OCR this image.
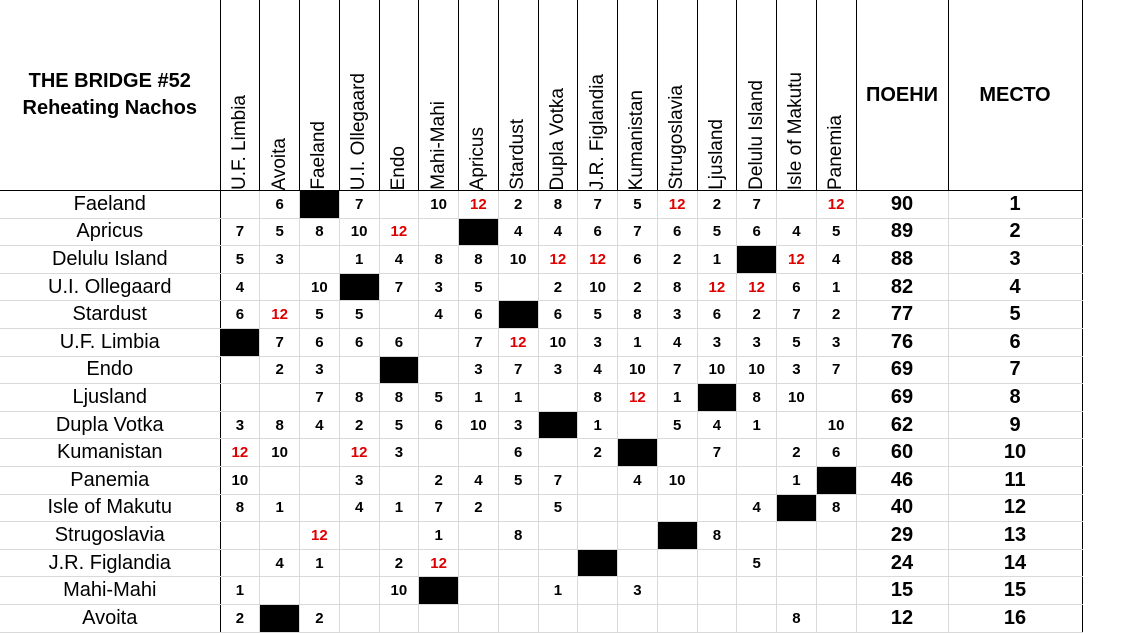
THE BRIDGE #52
Reheating Nachos	U.F. Limbia	Avoita	Faeland	U.I. Ollegaard	Endo	Mahi-Mahi	Apricus	Stardust	Dupla Votka	J.R. Figlandia	Kumanistan	Strugoslavia	Ljusland	Delulu Island	Isle of Makutu	Panemia	ПОЕНИ	МЕСТО
Faeland		6		7		10	12	2	8	7	5	12	2	7		12	90	1
Apricus	7	5	8	10	12			4	4	6	7	6	5	6	4	5	89	2
Delulu Island	5	3		1	4	8	8	10	12	12	6	2	1		12	4	88	3
U.I. Ollegaard	4		10		7	3	5		2	10	2	8	12	12	6	1	82	4
Stardust	6	12	5	5		4	6		6	5	8	3	6	2	7	2	77	5
U.F. Limbia		7	6	6	6		7	12	10	3	1	4	3	3	5	3	76	6
Endo		2	3				3	7	3	4	10	7	10	10	3	7	69	7
Ljusland			7	8	8	5	1	1		8	12	1		8	10		69	8
Dupla Votka	3	8	4	2	5	6	10	3		1		5	4	1		10	62	9
Kumanistan	12	10		12	3			6		2			7		2	6	60	10
Panemia	10			3		2	4	5	7		4	10			1		46	11
Isle of Makutu	8	1		4	1	7	2		5					4		8	40	12
Strugoslavia			12			1		8					8				29	13
J.R. Figlandia		4	1		2	12								5			24	14
Mahi-Mahi	1				10				1		3						15	15
Avoita	2		2												8		12	16
